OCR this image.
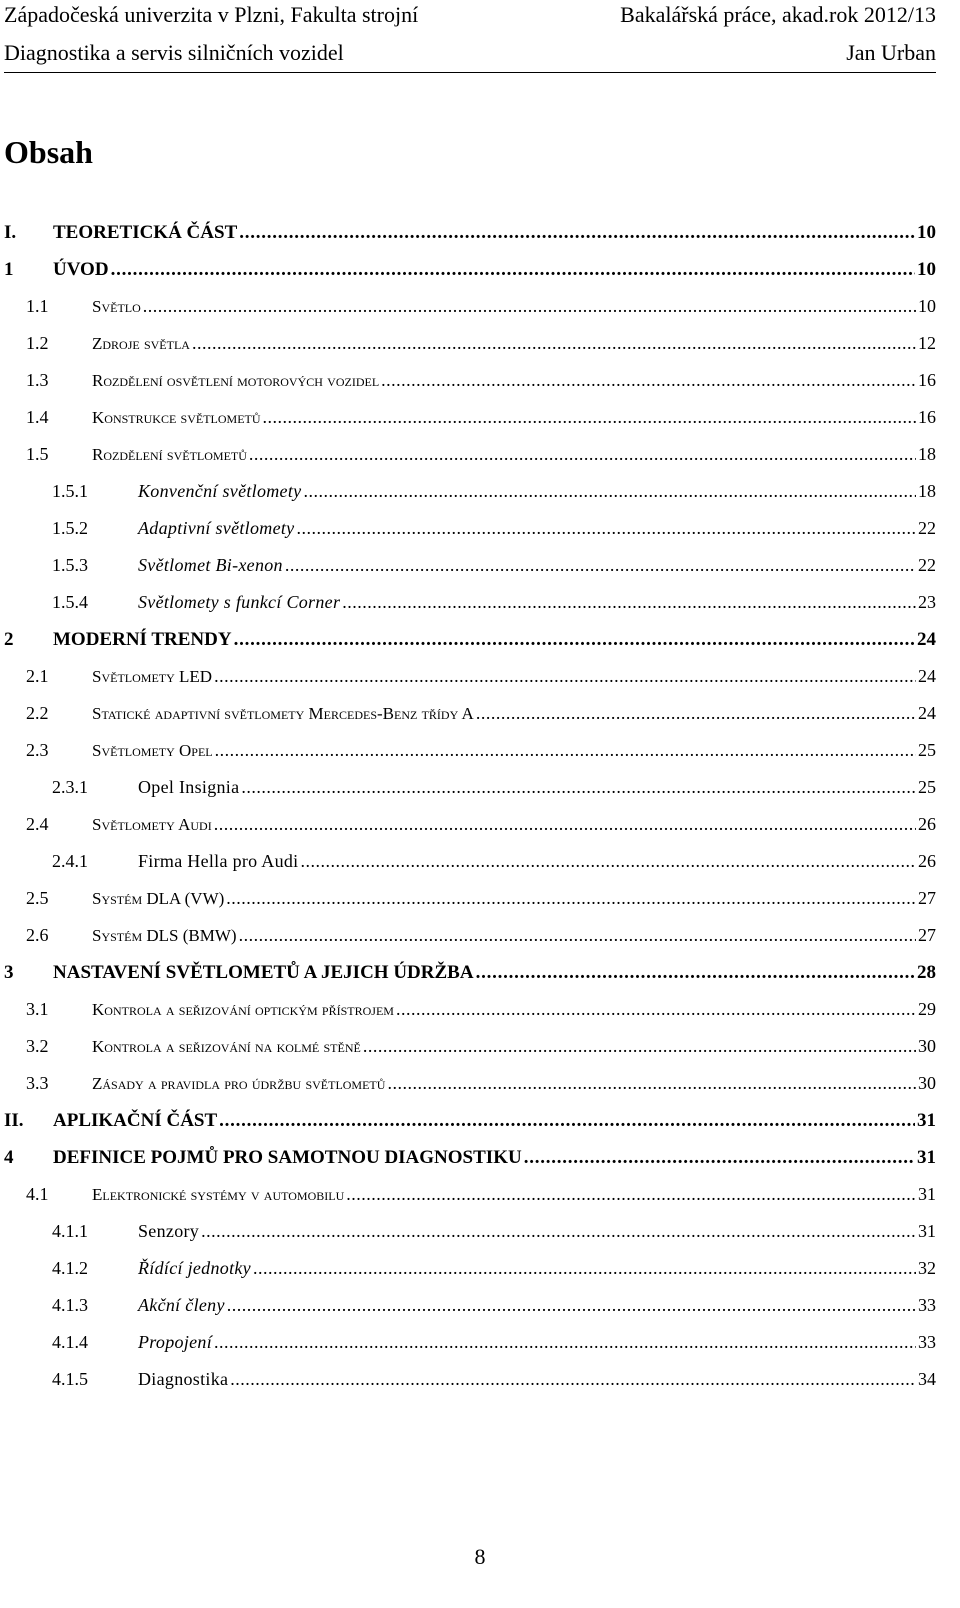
Západočeská univerzita v Plzni, Fakulta strojní	Bakalářská práce, akad.rok 2012/13
Diagnostika a servis silničních vozidel	Jan Urban
Obsah
I.	TEORETICKÁ ČÁST . . .	10
1	ÚVOD . . .	10
1.1	Světlo . . .	10
1.2	Zdroje světla . . .	12
1.3	Rozdělení osvětlení motorových vozidel . . .	16
1.4	Konstrukce světlometů . . .	16
1.5	Rozdělení světlometů . . .	18
1.5.1	Konvenční světlomety . . .	18
1.5.2	Adaptivní světlomety . . .	22
1.5.3	Světlomet Bi-xenon . . .	22
1.5.4	Světlomety s funkcí Corner . . .	23
2	MODERNÍ TRENDY . . .	24
2.1	Světlomety LED . . .	24
2.2	Statické adaptivní světlomety Mercedes-Benz třídy A . . .	24
2.3	Světlomety Opel . . .	25
2.3.1	Opel Insignia . . .	25
2.4	Světlomety Audi . . .	26
2.4.1	Firma Hella pro Audi . . .	26
2.5	Systém DLA (VW) . . .	27
2.6	Systém DLS (BMW) . . .	27
3	NASTAVENÍ SVĚTLOMETŮ A JEJICH ÚDRŽBA . . .	28
3.1	Kontrola a seřizování optickým přístrojem . . .	29
3.2	Kontrola a seřizování na kolmé stěně . . .	30
3.3	Zásady a pravidla pro údržbu světlometů . . .	30
II.	APLIKAČNÍ ČÁST . . .	31
4	DEFINICE POJMŮ PRO SAMOTNOU DIAGNOSTIKU . . .	31
4.1	Elektronické systémy v automobilu . . .	31
4.1.1	Senzory . . .	31
4.1.2	Řídící jednotky . . .	32
4.1.3	Akční členy . . .	33
4.1.4	Propojení . . .	33
4.1.5	Diagnostika . . .	34
8
